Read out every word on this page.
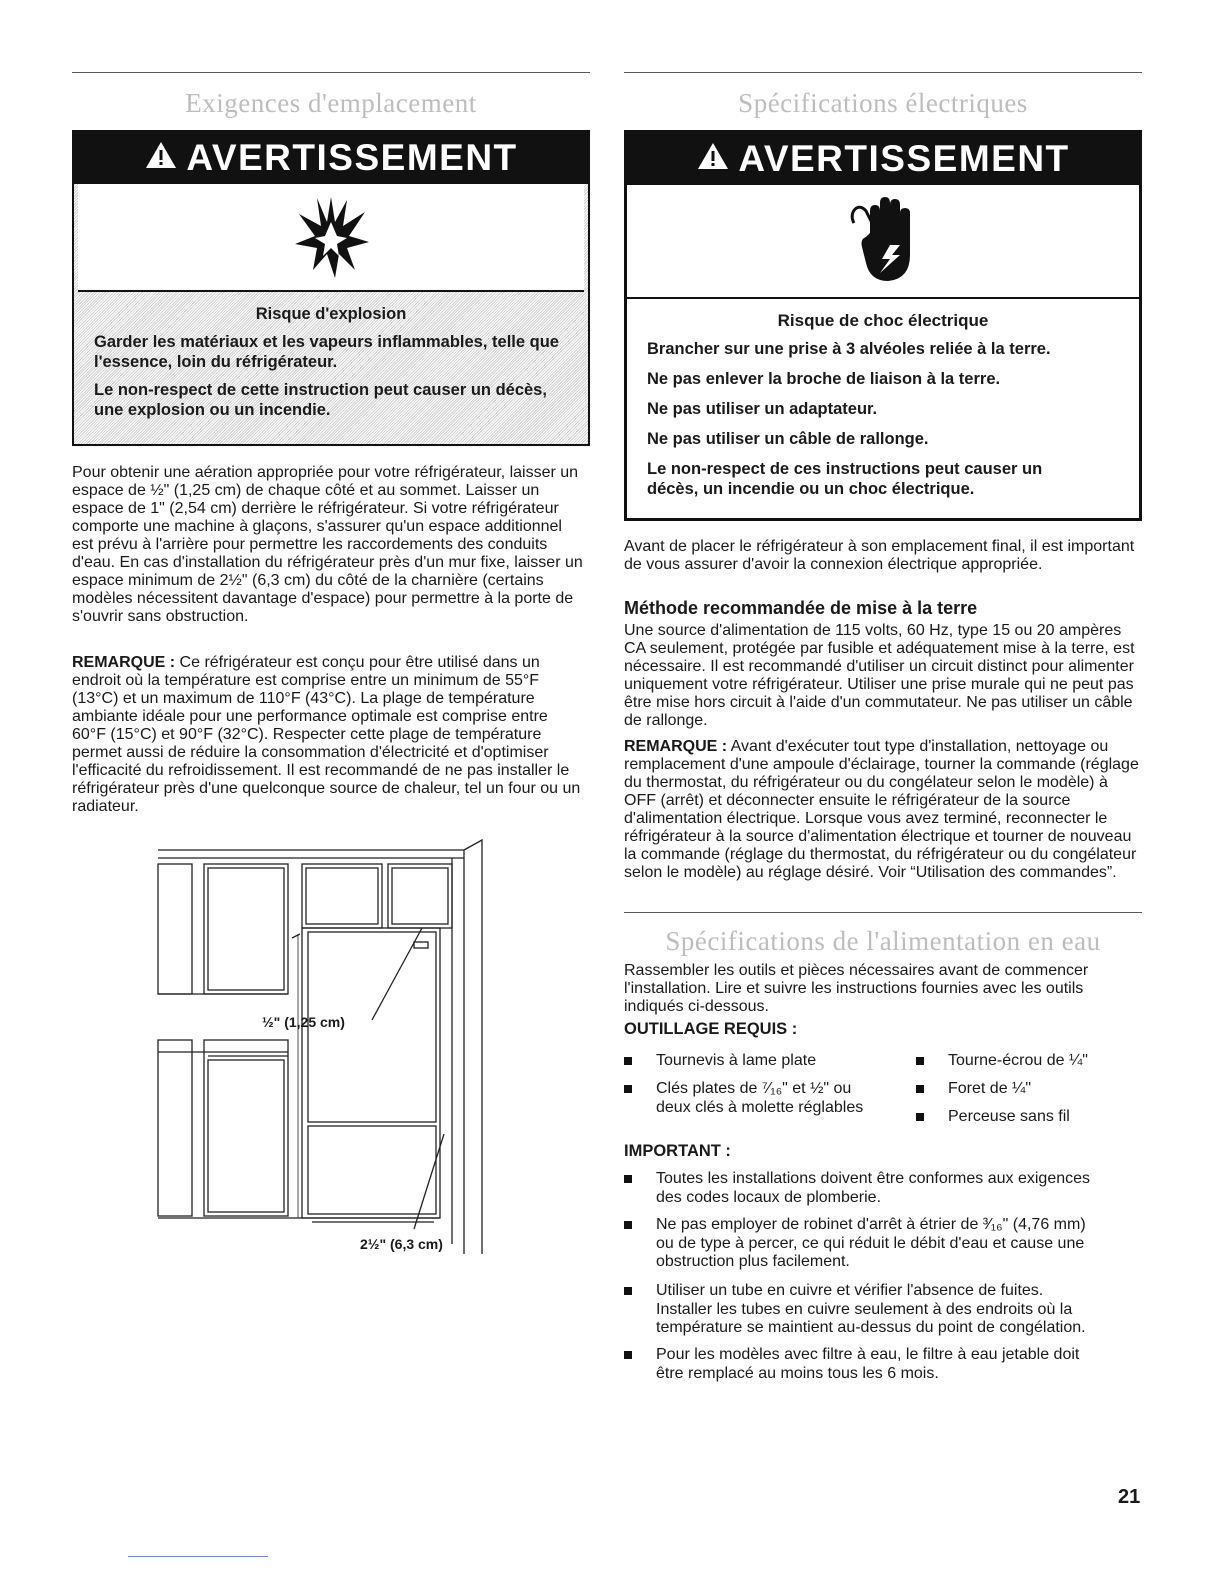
Exigences d'emplacement
AVERTISSEMENT
Risque d'explosion

Garder les matériaux et les vapeurs inflammables, telle que l'essence, loin du réfrigérateur.

Le non-respect de cette instruction peut causer un décès, une explosion ou un incendie.

Pour obtenir une aération appropriée pour votre réfrigérateur, laisser un espace de ½" (1,25 cm) de chaque côté et au sommet. Laisser un espace de 1" (2,54 cm) derrière le réfrigérateur. Si votre réfrigérateur comporte une machine à glaçons, s'assurer qu'un espace additionnel est prévu à l'arrière pour permettre les raccordements des conduits d'eau. En cas d'installation du réfrigérateur près d'un mur fixe, laisser un espace minimum de 2½" (6,3 cm) du côté de la charnière (certains modèles nécessitent davantage d'espace) pour permettre à la porte de s'ouvrir sans obstruction.

REMARQUE : Ce réfrigérateur est conçu pour être utilisé dans un endroit où la température est comprise entre un minimum de 55°F (13°C) et un maximum de 110°F (43°C). La plage de température ambiante idéale pour une performance optimale est comprise entre 60°F (15°C) et 90°F (32°C). Respecter cette plage de température permet aussi de réduire la consommation d'électricité et d'optimiser l'efficacité du refroidissement. Il est recommandé de ne pas installer le réfrigérateur près d'une quelconque source de chaleur, tel un four ou un radiateur.

½" (1,25 cm)
2½" (6,3 cm)
Spécifications électriques
AVERTISSEMENT
Risque de choc électrique

Brancher sur une prise à 3 alvéoles reliée à la terre.

Ne pas enlever la broche de liaison à la terre.

Ne pas utiliser un adaptateur.

Ne pas utiliser un câble de rallonge.

Le non-respect de ces instructions peut causer un décès, un incendie ou un choc électrique.

Avant de placer le réfrigérateur à son emplacement final, il est important de vous assurer d'avoir la connexion électrique appropriée.

Méthode recommandée de mise à la terre

Une source d'alimentation de 115 volts, 60 Hz, type 15 ou 20 ampères CA seulement, protégée par fusible et adéquatement mise à la terre, est nécessaire. Il est recommandé d'utiliser un circuit distinct pour alimenter uniquement votre réfrigérateur. Utiliser une prise murale qui ne peut pas être mise hors circuit à l'aide d'un commutateur. Ne pas utiliser un câble de rallonge.

REMARQUE : Avant d'exécuter tout type d'installation, nettoyage ou remplacement d'une ampoule d'éclairage, tourner la commande (réglage du thermostat, du réfrigérateur ou du congélateur selon le modèle) à OFF (arrêt) et déconnecter ensuite le réfrigérateur de la source d'alimentation électrique. Lorsque vous avez terminé, reconnecter le réfrigérateur à la source d'alimentation électrique et tourner de nouveau la commande (réglage du thermostat, du réfrigérateur ou du congélateur selon le modèle) au réglage désiré. Voir “Utilisation des commandes”.

Spécifications de l'alimentation en eau

Rassembler les outils et pièces nécessaires avant de commencer l'installation. Lire et suivre les instructions fournies avec les outils indiqués ci-dessous.

OUTILLAGE REQUIS :
Tournevis à lame plate
Clés plates de ⁷⁄₁₆" et ½" ou
deux clés à molette réglables
Tourne-écrou de ¼"
Foret de ¼"
Perceuse sans fil
IMPORTANT :
Toutes les installations doivent être conformes aux exigences
des codes locaux de plomberie.
Ne pas employer de robinet d'arrêt à étrier de ³⁄₁₆" (4,76 mm)
ou de type à percer, ce qui réduit le débit d'eau et cause une
obstruction plus facilement.
Utiliser un tube en cuivre et vérifier l'absence de fuites.
Installer les tubes en cuivre seulement à des endroits où la
température se maintient au-dessus du point de congélation.
Pour les modèles avec filtre à eau, le filtre à eau jetable doit
être remplacé au moins tous les 6 mois.
21
